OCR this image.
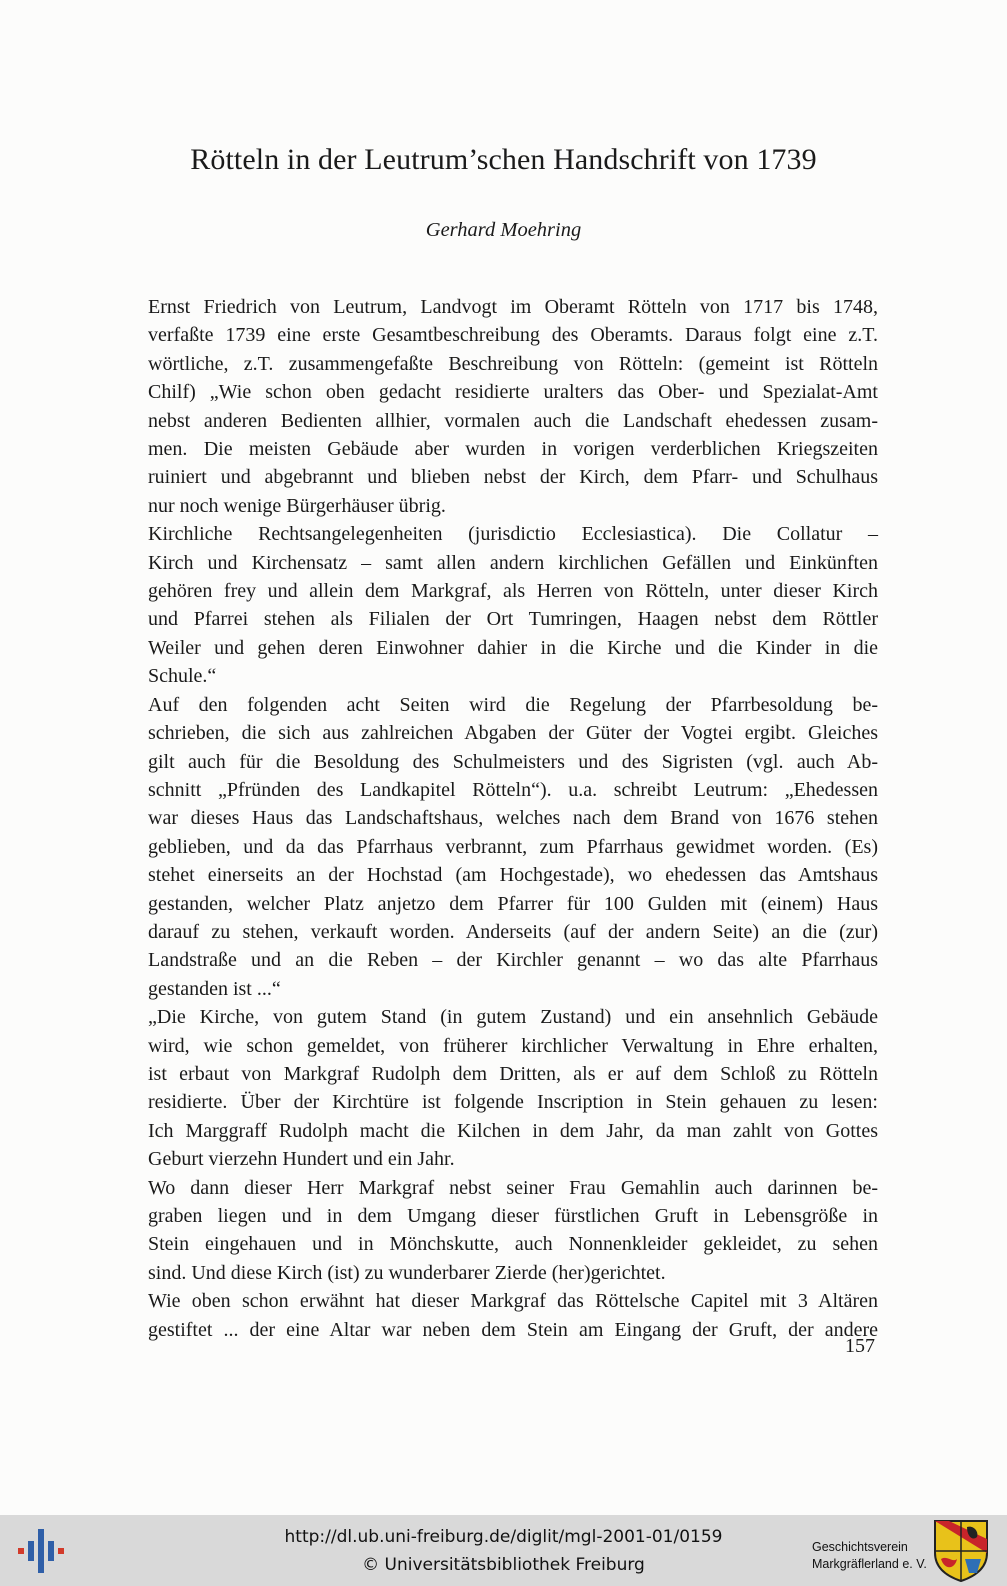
Rötteln in der Leutrum’schen Handschrift von 1739

Gerhard Moehring

Ernst Friedrich von Leutrum, Landvogt im Oberamt Rötteln von 1717 bis 1748,
verfaßte 1739 eine erste Gesamtbeschreibung des Oberamts. Daraus folgt eine z.T.
wörtliche, z.T. zusammengefaßte Beschreibung von Rötteln: (gemeint ist Rötteln
Chilf) „Wie schon oben gedacht residierte uralters das Ober- und Spezialat-Amt
nebst anderen Bedienten allhier, vormalen auch die Landschaft ehedessen zusam-
men. Die meisten Gebäude aber wurden in vorigen verderblichen Kriegszeiten
ruiniert und abgebrannt und blieben nebst der Kirch, dem Pfarr- und Schulhaus
nur noch wenige Bürgerhäuser übrig.

Kirchliche Rechtsangelegenheiten (jurisdictio Ecclesiastica). Die Collatur –
Kirch und Kirchensatz – samt allen andern kirchlichen Gefällen und Einkünften
gehören frey und allein dem Markgraf, als Herren von Rötteln, unter dieser Kirch
und Pfarrei stehen als Filialen der Ort Tumringen, Haagen nebst dem Röttler
Weiler und gehen deren Einwohner dahier in die Kirche und die Kinder in die
Schule.“

Auf den folgenden acht Seiten wird die Regelung der Pfarrbesoldung be-
schrieben, die sich aus zahlreichen Abgaben der Güter der Vogtei ergibt. Gleiches
gilt auch für die Besoldung des Schulmeisters und des Sigristen (vgl. auch Ab-
schnitt „Pfründen des Landkapitel Rötteln“). u.a. schreibt Leutrum: „Ehedessen
war dieses Haus das Landschaftshaus, welches nach dem Brand von 1676 stehen
geblieben, und da das Pfarrhaus verbrannt, zum Pfarrhaus gewidmet worden. (Es)
stehet einerseits an der Hochstad (am Hochgestade), wo ehedessen das Amtshaus
gestanden, welcher Platz anjetzo dem Pfarrer für 100 Gulden mit (einem) Haus
darauf zu stehen, verkauft worden. Anderseits (auf der andern Seite) an die (zur)
Landstraße und an die Reben – der Kirchler genannt – wo das alte Pfarrhaus
gestanden ist ...“

„Die Kirche, von gutem Stand (in gutem Zustand) und ein ansehnlich Gebäude
wird, wie schon gemeldet, von früherer kirchlicher Verwaltung in Ehre erhalten,
ist erbaut von Markgraf Rudolph dem Dritten, als er auf dem Schloß zu Rötteln
residierte. Über der Kirchtüre ist folgende Inscription in Stein gehauen zu lesen:
Ich Marggraff Rudolph macht die Kilchen in dem Jahr, da man zahlt von Gottes
Geburt vierzehn Hundert und ein Jahr.

Wo dann dieser Herr Markgraf nebst seiner Frau Gemahlin auch darinnen be-
graben liegen und in dem Umgang dieser fürstlichen Gruft in Lebensgröße in
Stein eingehauen und in Mönchskutte, auch Nonnenkleider gekleidet, zu sehen
sind. Und diese Kirch (ist) zu wunderbarer Zierde (her)gerichtet.

Wie oben schon erwähnt hat dieser Markgraf das Röttelsche Capitel mit 3 Altären
gestiftet ... der eine Altar war neben dem Stein am Eingang der Gruft, der andere

157
http://dl.ub.uni-freiburg.de/diglit/mgl-2001-01/0159
© Universitätsbibliothek Freiburg
Geschichtsverein
Markgräflerland e. V.
